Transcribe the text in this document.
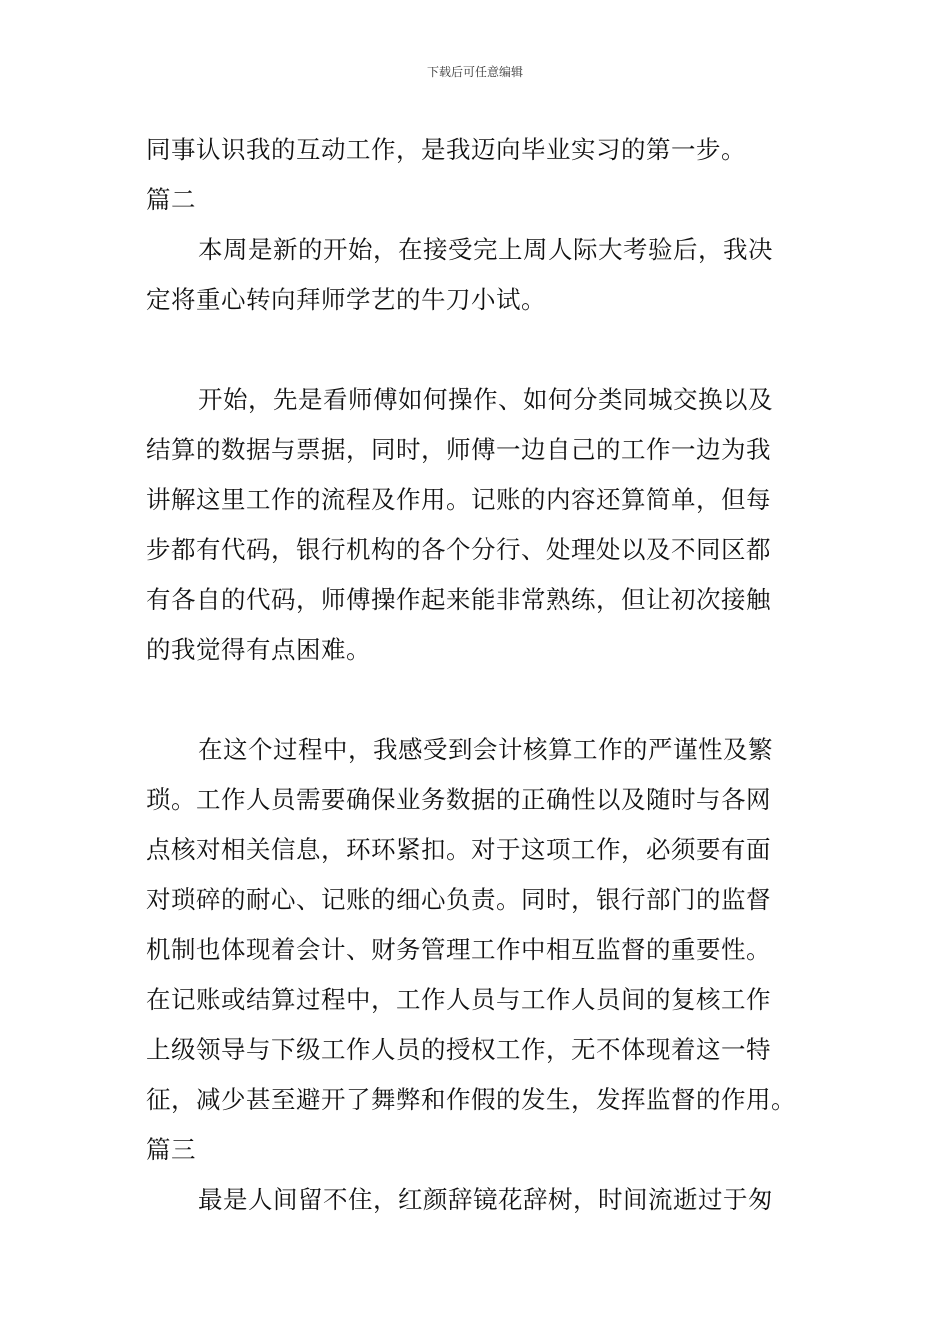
下载后可任意编辑
同事认识我的互动工作，是我迈向毕业实习的第一步。
篇二
本周是新的开始，在接受完上周人际大考验后，我决
定将重心转向拜师学艺的牛刀小试。
开始，先是看师傅如何操作、如何分类同城交换以及
结算的数据与票据，同时，师傅一边自己的工作一边为我
讲解这里工作的流程及作用。记账的内容还算简单，但每
步都有代码，银行机构的各个分行、处理处以及不同区都
有各自的代码，师傅操作起来能非常熟练，但让初次接触
的我觉得有点困难。
在这个过程中，我感受到会计核算工作的严谨性及繁
琐。工作人员需要确保业务数据的正确性以及随时与各网
点核对相关信息，环环紧扣。对于这项工作，必须要有面
对琐碎的耐心、记账的细心负责。同时，银行部门的监督
机制也体现着会计、财务管理工作中相互监督的重要性。
在记账或结算过程中，工作人员与工作人员间的复核工作
上级领导与下级工作人员的授权工作，无不体现着这一特
征，减少甚至避开了舞弊和作假的发生，发挥监督的作用。
篇三
最是人间留不住，红颜辞镜花辞树，时间流逝过于匆
